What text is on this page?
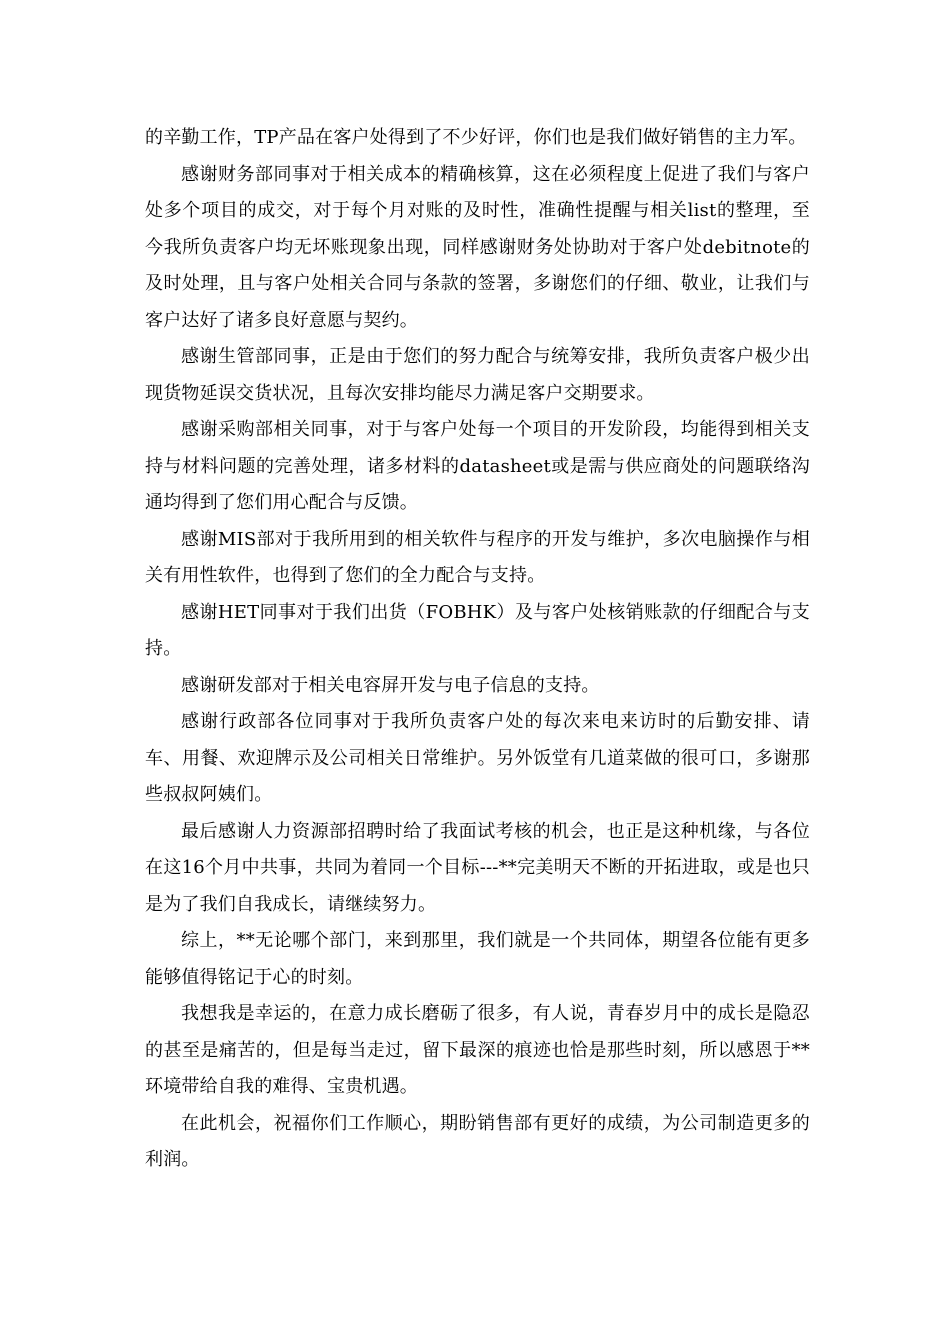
的辛勤工作，TP产品在客户处得到了不少好评，你们也是我们做好销售的主力军。

感谢财务部同事对于相关成本的精确核算，这在必须程度上促进了我们与客户处多个项目的成交，对于每个月对账的及时性，准确性提醒与相关list的整理，至今我所负责客户均无坏账现象出现，同样感谢财务处协助对于客户处debitnote的及时处理，且与客户处相关合同与条款的签署，多谢您们的仔细、敬业，让我们与客户达好了诸多良好意愿与契约。

感谢生管部同事，正是由于您们的努力配合与统筹安排，我所负责客户极少出现货物延误交货状况，且每次安排均能尽力满足客户交期要求。

感谢采购部相关同事，对于与客户处每一个项目的开发阶段，均能得到相关支持与材料问题的完善处理，诸多材料的datasheet或是需与供应商处的问题联络沟通均得到了您们用心配合与反馈。

感谢MIS部对于我所用到的相关软件与程序的开发与维护，多次电脑操作与相关有用性软件，也得到了您们的全力配合与支持。

感谢HET同事对于我们出货（FOBHK）及与客户处核销账款的仔细配合与支持。

感谢研发部对于相关电容屏开发与电子信息的支持。

感谢行政部各位同事对于我所负责客户处的每次来电来访时的后勤安排、请车、用餐、欢迎牌示及公司相关日常维护。另外饭堂有几道菜做的很可口，多谢那些叔叔阿姨们。

最后感谢人力资源部招聘时给了我面试考核的机会，也正是这种机缘，与各位在这16个月中共事，共同为着同一个目标---**完美明天不断的开拓进取，或是也只是为了我们自我成长，请继续努力。

综上，**无论哪个部门，来到那里，我们就是一个共同体，期望各位能有更多能够值得铭记于心的时刻。

我想我是幸运的，在意力成长磨砺了很多，有人说，青春岁月中的成长是隐忍的甚至是痛苦的，但是每当走过，留下最深的痕迹也恰是那些时刻，所以感恩于**环境带给自我的难得、宝贵机遇。

在此机会，祝福你们工作顺心，期盼销售部有更好的成绩，为公司制造更多的利润。
